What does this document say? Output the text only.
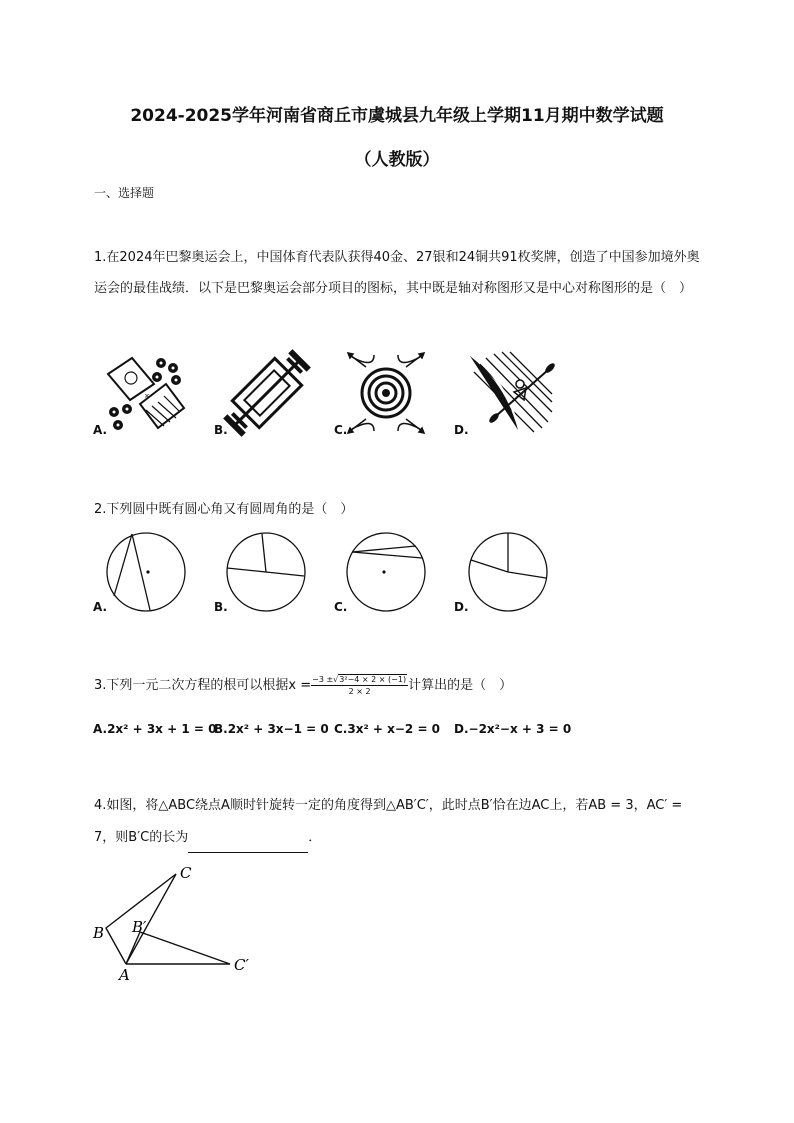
2024-2025学年河南省商丘市虞城县九年级上学期11月期中数学试题
（人教版）
一、选择题
1.在2024年巴黎奥运会上，中国体育代表队获得40金、27银和24铜共91枚奖牌，创造了中国参加境外奥运会的最佳战绩．以下是巴黎奥运会部分项目的图标，其中既是轴对称图形又是中心对称图形的是（　）
A.	B.	C.	D.
×
2.下列圆中既有圆心角又有圆周角的是（　）
A.	B.	C.	D.
3.下列一元二次方程的根可以根据$x = \frac{\text{−3 ±√3²−4 × 2 × (−1)}}{2 \times 2}$ 计算出的是（　）
A.2x² + 3x + 1 = 0
B.2x² + 3x−1 = 0 C.3x² + x−2 = 0 D.−2x²−x + 3 = 0
4.如图，将△ABC绕点A顺时针旋转一定的角度得到△AB′C′，此时点B′恰在边AC上，若AB = 3，AC′ =
7，则B′C的长为	．
C
B B′
A
C′
